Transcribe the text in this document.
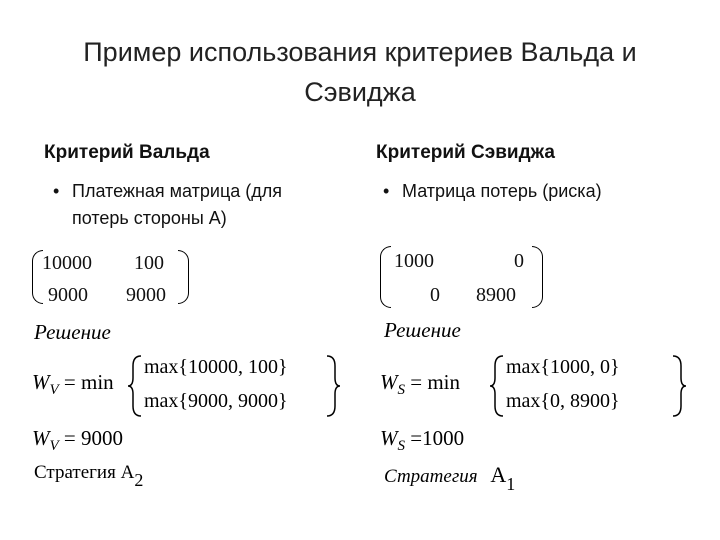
Пример использования критериев Вальда и Сэвиджа
Критерий Вальда
• Платежная матрица (для потерь стороны А)
10000 100
9000 9000
Решение
$W_V = \min$
max{10000, 100}
max{9000, 9000}
$W_V = 9000$
Стратегия А2
Критерий Сэвиджа
• Матрица потерь (риска)
1000	0
0 8900
Решение
$W_S = \min$
max{1000, 0}
max{0, 8900}
$W_S =1000$
Стратегия A1
